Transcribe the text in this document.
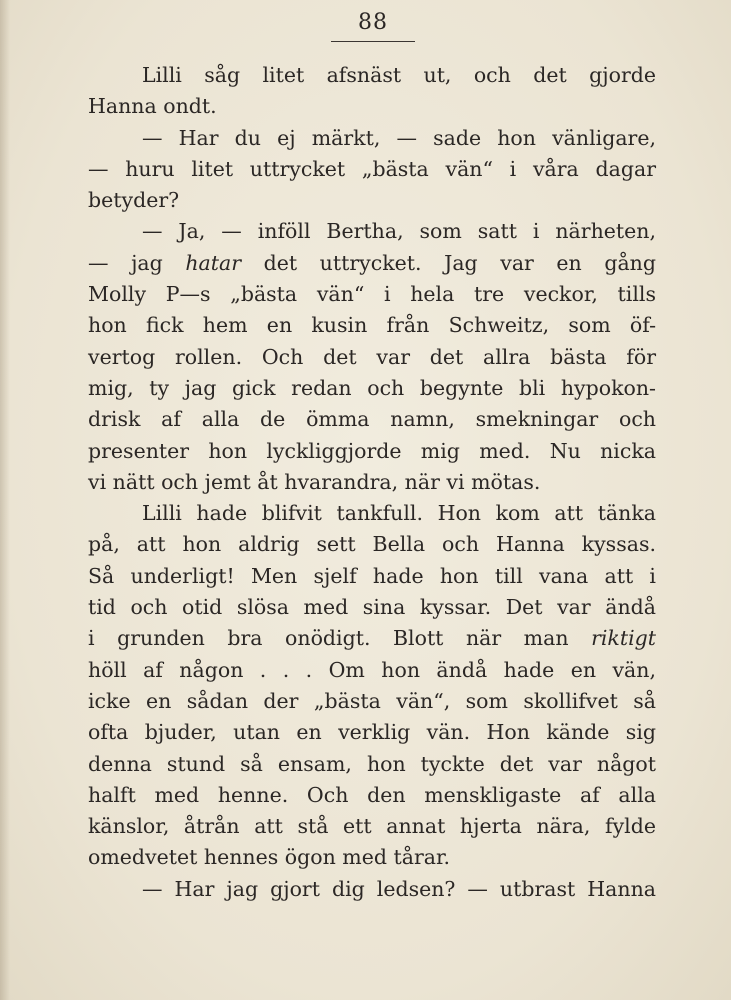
88
Lilli såg litet afsnäst ut, och det gjorde
Hanna ondt.
— Har du ej märkt, — sade hon vänligare,
— huru litet uttrycket „bästa vän“ i våra dagar
betyder?
— Ja, — inföll Bertha, som satt i närheten,
— jag hatar det uttrycket. Jag var en gång
Molly P—s „bästa vän“ i hela tre veckor, tills
hon fick hem en kusin från Schweitz, som öf-
vertog rollen. Och det var det allra bästa för
mig, ty jag gick redan och begynte bli hypokon-
drisk af alla de ömma namn, smekningar och
presenter hon lyckliggjorde mig med. Nu nicka
vi nätt och jemt åt hvarandra, när vi mötas.
Lilli hade blifvit tankfull. Hon kom att tänka
på, att hon aldrig sett Bella och Hanna kyssas.
Så underligt! Men sjelf hade hon till vana att i
tid och otid slösa med sina kyssar. Det var ändå
i grunden bra onödigt. Blott när man riktigt
höll af någon . . . Om hon ändå hade en vän,
icke en sådan der „bästa vän“, som skollifvet så
ofta bjuder, utan en verklig vän. Hon kände sig
denna stund så ensam, hon tyckte det var något
halft med henne. Och den menskligaste af alla
känslor, åtrån att stå ett annat hjerta nära, fylde
omedvetet hennes ögon med tårar.
— Har jag gjort dig ledsen? — utbrast Hanna
